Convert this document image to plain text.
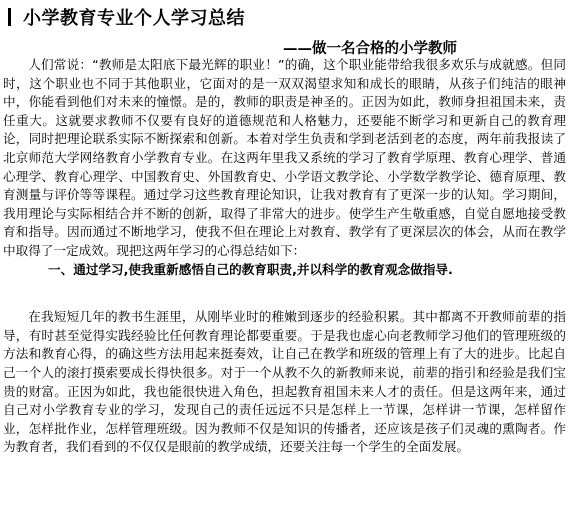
小学教育专业个人学习总结
——做一名合格的小学教师

人们常说：“教师是太阳底下最光辉的职业！”的确，这个职业能带给我很多欢乐与成就感。但同时，这个职业也不同于其他职业，它面对的是一双双渴望求知和成长的眼睛，从孩子们纯洁的眼神中，你能看到他们对未来的憧憬。是的，教师的职责是神圣的。正因为如此，教师身担祖国未来，责任重大。这就要求教师不仅要有良好的道德规范和人格魅力，还要能不断学习和更新自己的教育理论，同时把理论联系实际不断探索和创新。本着对学生负责和学到老活到老的态度，两年前我报读了北京师范大学网络教育小学教育专业。在这两年里我又系统的学习了教育学原理、教育心理学、普通心理学、教育心理学、中国教育史、外国教育史、小学语文教学论、小学数学教学论、德育原理、教育测量与评价等等课程。通过学习这些教育理论知识，让我对教育有了更深一步的认知。学习期间，我用理论与实际相结合并不断的创新，取得了非常大的进步。使学生产生敬重感，自觉自愿地接受教育和指导。因而通过不断地学习，使我不但在理论上对教育、教学有了更深层次的体会，从而在教学中取得了一定成效。现把这两年学习的心得总结如下：

一、通过学习,使我重新感悟自己的教育职责,并以科学的教育观念做指导.

在我短短几年的教书生涯里，从刚毕业时的稚嫩到逐步的经验积累。其中都离不开教师前辈的指导，有时甚至觉得实践经验比任何教育理论都要重要。于是我也虚心向老教师学习他们的管理班级的方法和教育心得，的确这些方法用起来挺奏效，让自己在教学和班级的管理上有了大的进步。比起自己一个人的滚打摸索要成长得快很多。对于一个从教不久的新教师来说，前辈的指引和经验是我们宝贵的财富。正因为如此，我也能很快进入角色，担起教育祖国未来人才的责任。但是这两年来，通过自己对小学教育专业的学习，发现自己的责任远远不只是怎样上一节课，怎样讲一节课，怎样留作业，怎样批作业，怎样管理班级。因为教师不仅是知识的传播者，还应该是孩子们灵魂的熏陶者。作为教育者，我们看到的不仅仅是眼前的教学成绩，还要关注每一个学生的全面发展。
